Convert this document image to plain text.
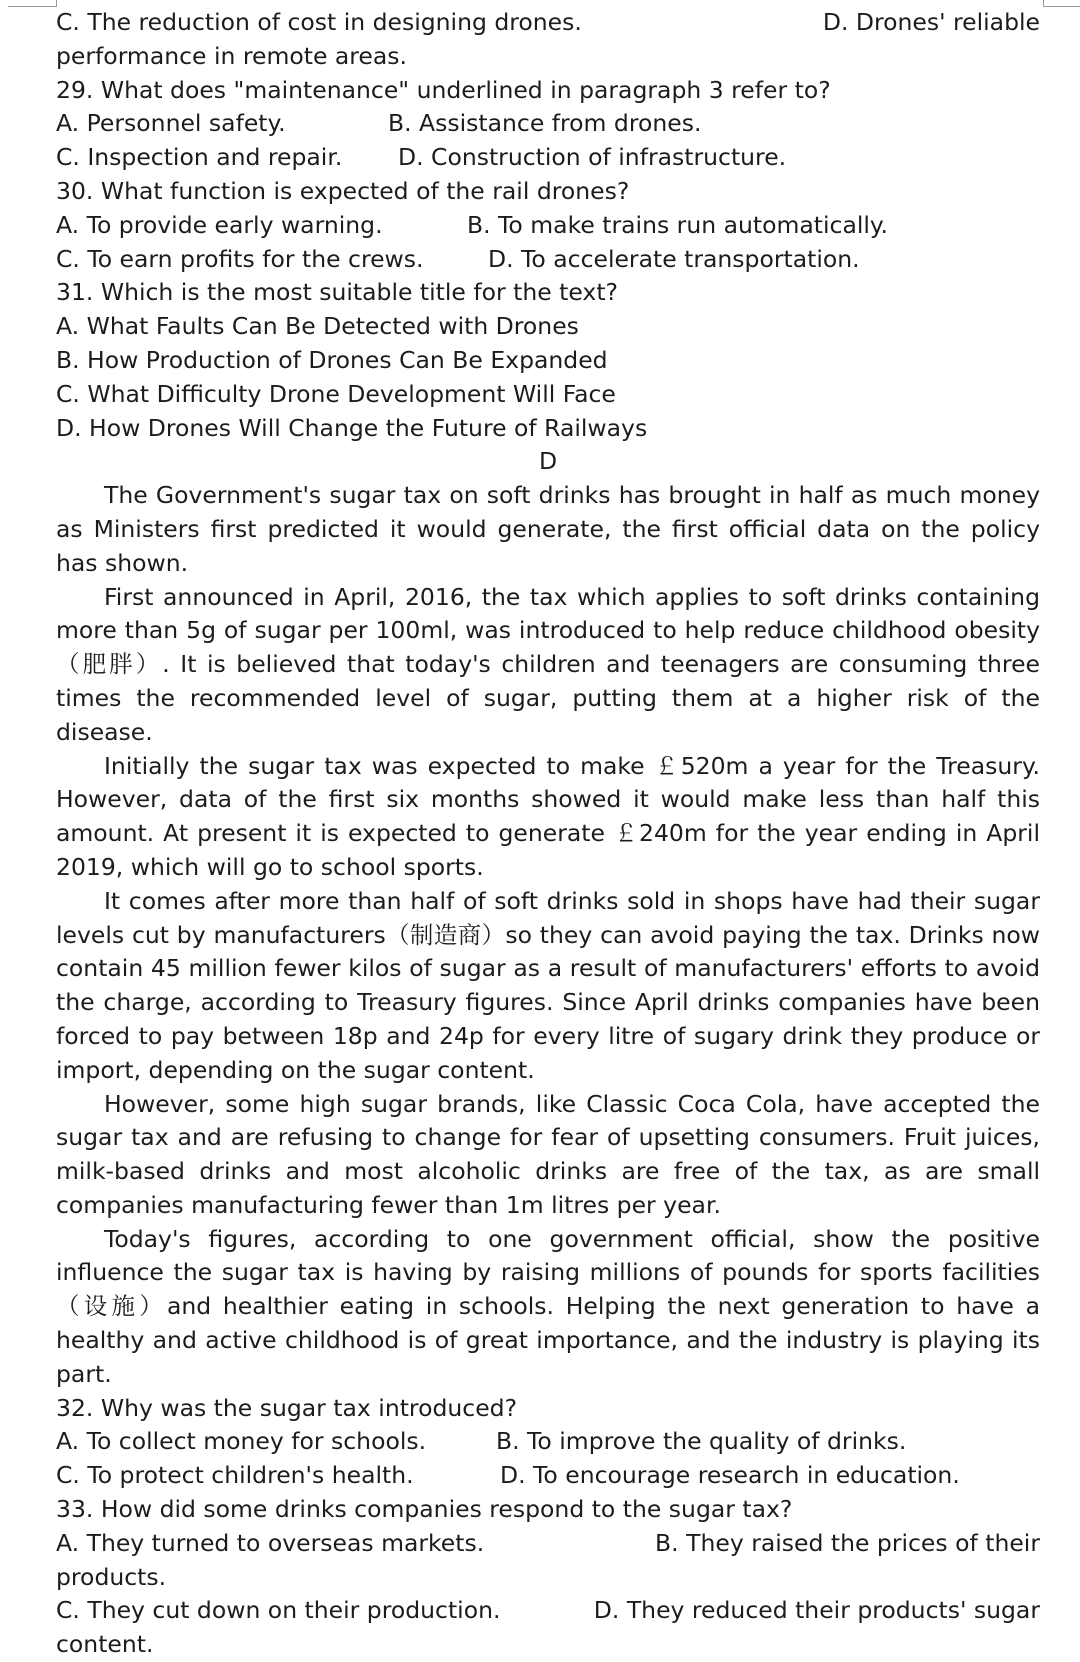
C. The reduction of cost in designing drones.	D. Drones' reliable
performance in remote areas.
29. What does "maintenance" underlined in paragraph 3 refer to?
A. Personnel safety.	B. Assistance from drones.
C. Inspection and repair.	D. Construction of infrastructure.
30. What function is expected of the rail drones?
A. To provide early warning.	B. To make trains run automatically.
C. To earn profits for the crews.	D. To accelerate transportation.
31. Which is the most suitable title for the text?
A. What Faults Can Be Detected with Drones
B. How Production of Drones Can Be Expanded
C. What Difficulty Drone Development Will Face
D. How Drones Will Change the Future of Railways
D

The Government's sugar tax on soft drinks has brought in half as much money as Ministers first predicted it would generate, the first official data on the policy has shown.

First announced in April, 2016, the tax which applies to soft drinks containing more than 5g of sugar per 100ml, was introduced to help reduce childhood obesity（肥胖）. It is believed that today's children and teenagers are consuming three times the recommended level of sugar, putting them at a higher risk of the disease.

Initially the sugar tax was expected to make ￡520m a year for the Treasury. However, data of the first six months showed it would make less than half this amount. At present it is expected to generate ￡240m for the year ending in April 2019, which will go to school sports.

It comes after more than half of soft drinks sold in shops have had their sugar levels cut by manufacturers（制造商）so they can avoid paying the tax. Drinks now contain 45 million fewer kilos of sugar as a result of manufacturers' efforts to avoid the charge, according to Treasury figures. Since April drinks companies have been forced to pay between 18p and 24p for every litre of sugary drink they produce or import, depending on the sugar content.

However, some high sugar brands, like Classic Coca Cola, have accepted the sugar tax and are refusing to change for fear of upsetting consumers. Fruit juices, milk-based drinks and most alcoholic drinks are free of the tax, as are small companies manufacturing fewer than 1m litres per year.

Today's figures, according to one government official, show the positive influence the sugar tax is having by raising millions of pounds for sports facilities（设施）and healthier eating in schools. Helping the next generation to have a healthy and active childhood is of great importance, and the industry is playing its part.

32. Why was the sugar tax introduced?
A. To collect money for schools.	B. To improve the quality of drinks.
C. To protect children's health.	D. To encourage research in education.
33. How did some drinks companies respond to the sugar tax?
A. They turned to overseas markets.	B. They raised the prices of their
products.
C. They cut down on their production.	D. They reduced their products' sugar
content.
